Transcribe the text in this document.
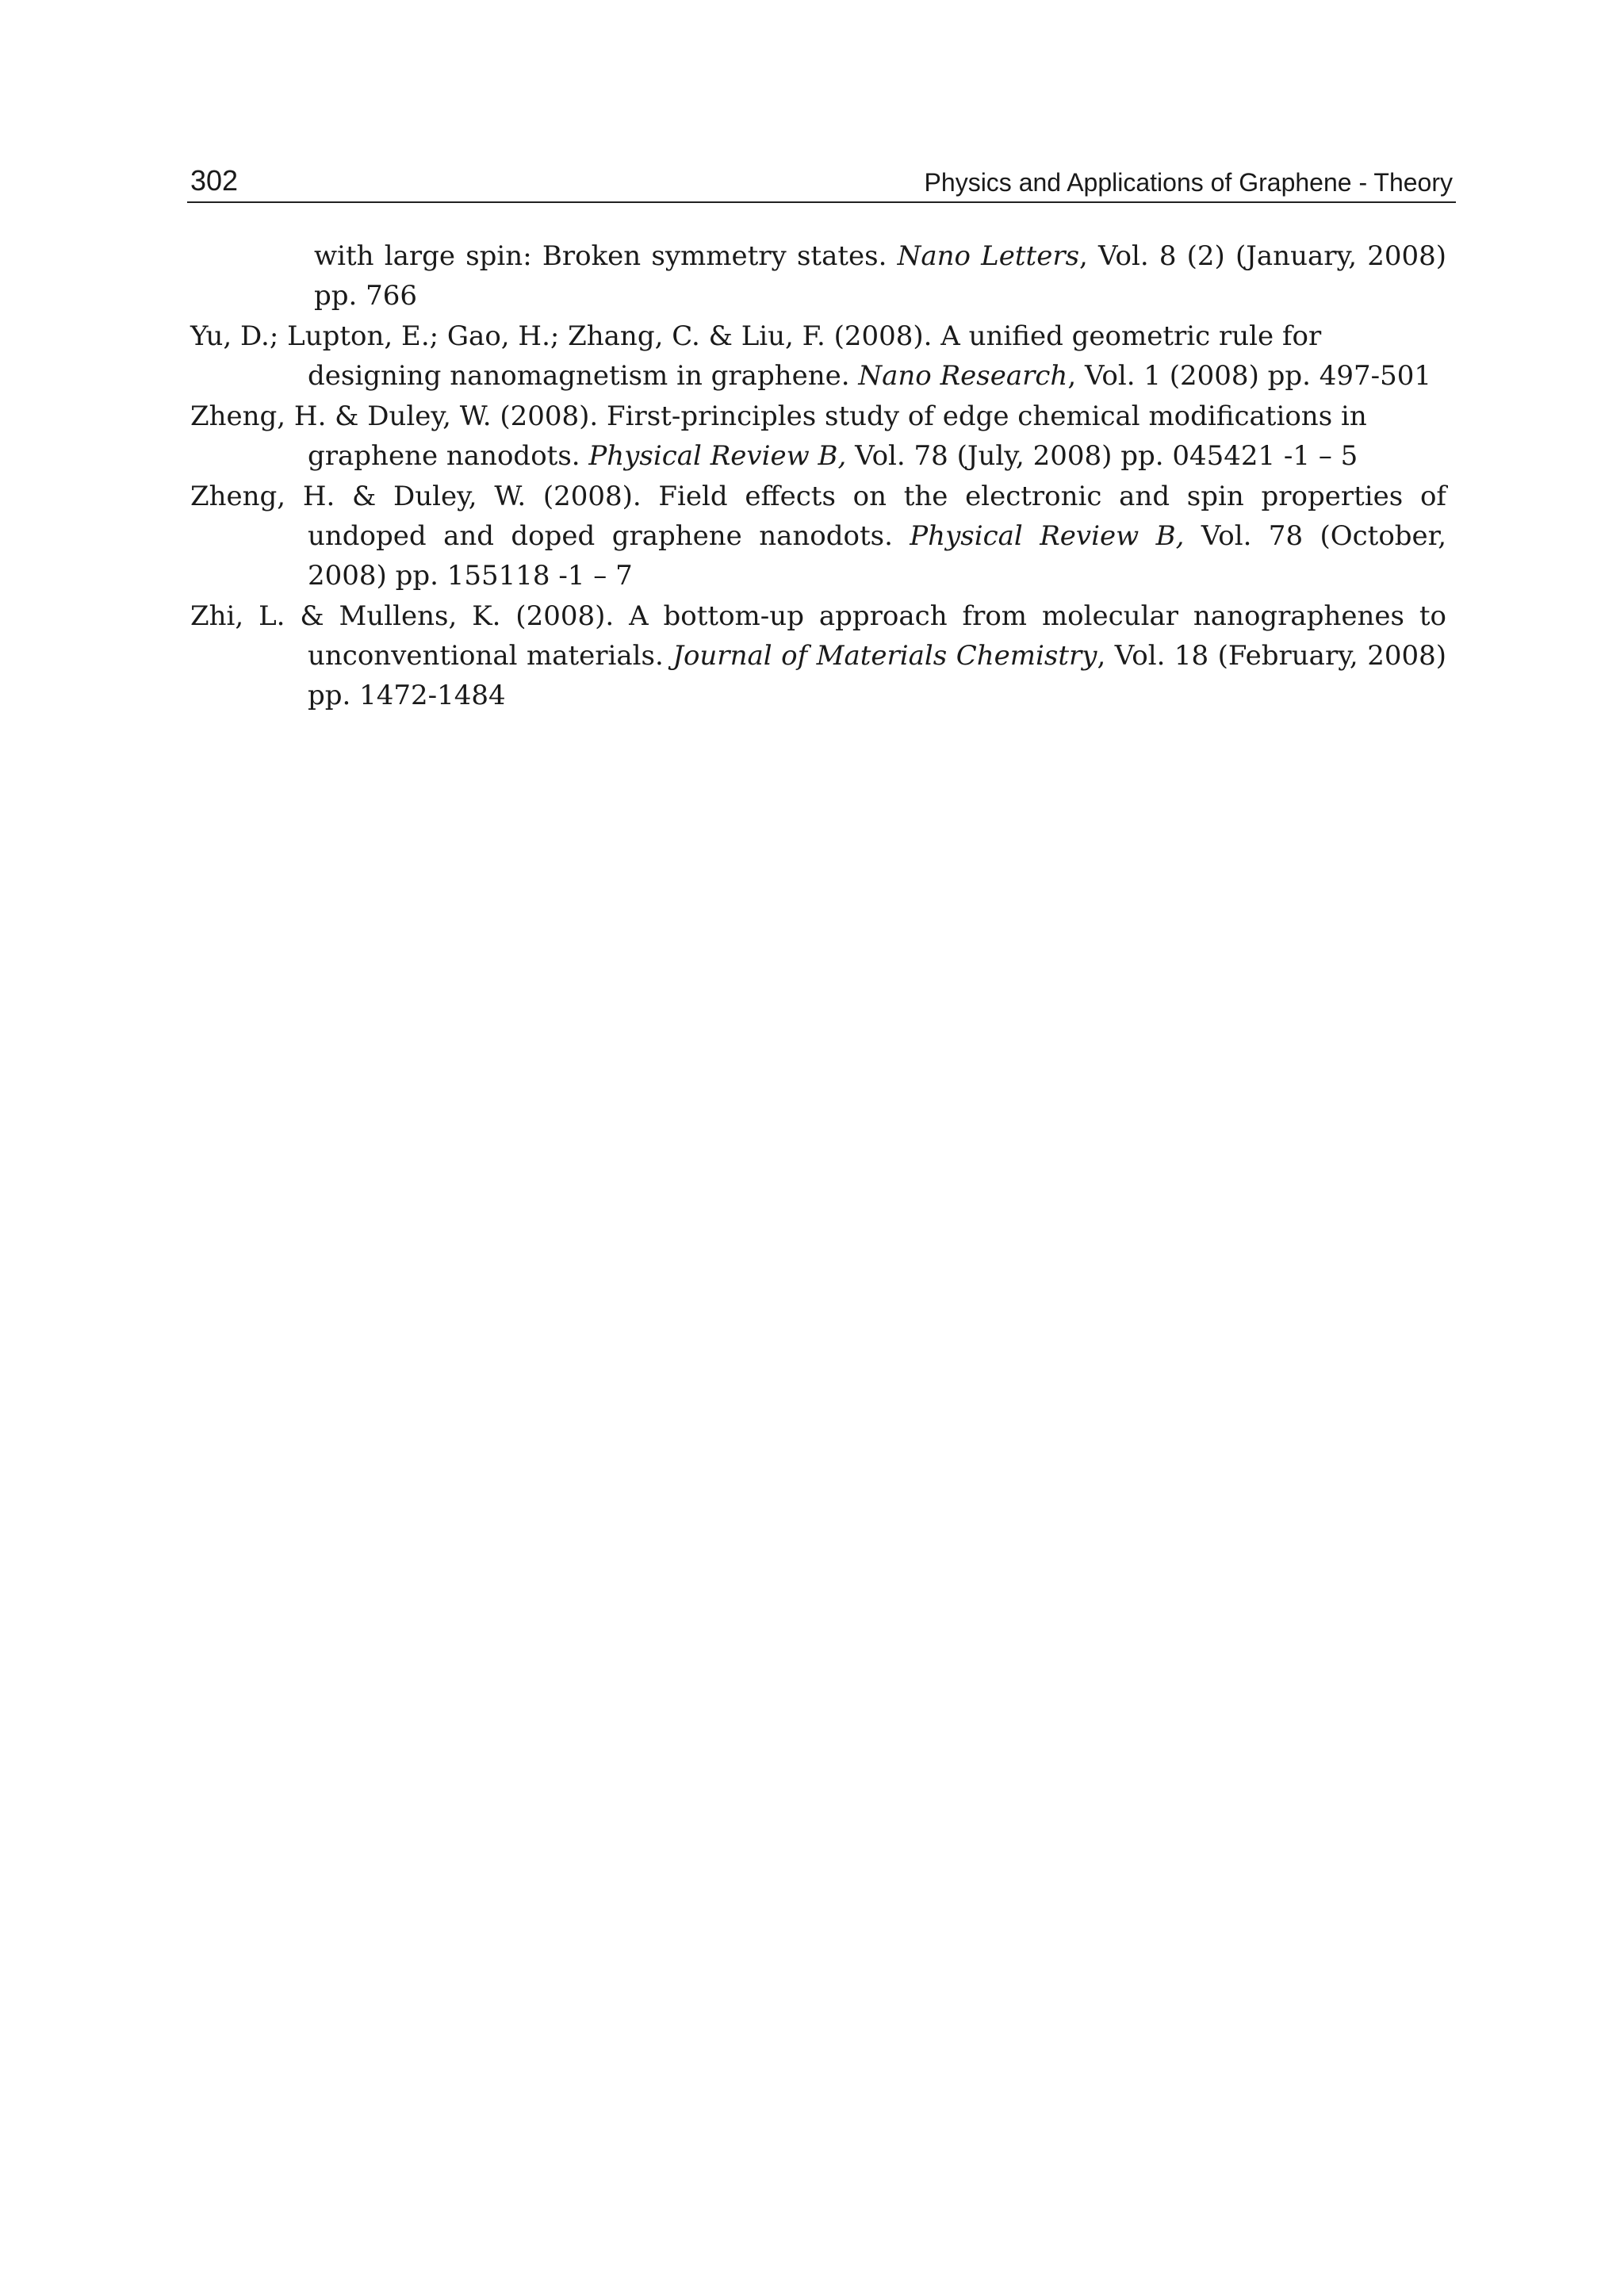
302	Physics and Applications of Graphene - Theory

with large spin: Broken symmetry states. Nano Letters, Vol. 8 (2) (January, 2008) pp. 766

Yu, D.; Lupton, E.; Gao, H.; Zhang, C. & Liu, F. (2008). A unified geometric rule for designing nanomagnetism in graphene. Nano Research, Vol. 1 (2008) pp. 497-501

Zheng, H. & Duley, W. (2008). First-principles study of edge chemical modifications in graphene nanodots. Physical Review B, Vol. 78 (July, 2008) pp. 045421 -1 – 5

Zheng, H. & Duley, W. (2008). Field effects on the electronic and spin properties of undoped and doped graphene nanodots. Physical Review B, Vol. 78 (October, 2008) pp. 155118 -1 – 7

Zhi, L. & Mullens, K. (2008). A bottom-up approach from molecular nanographenes to unconventional materials. Journal of Materials Chemistry, Vol. 18 (February, 2008) pp. 1472-1484
